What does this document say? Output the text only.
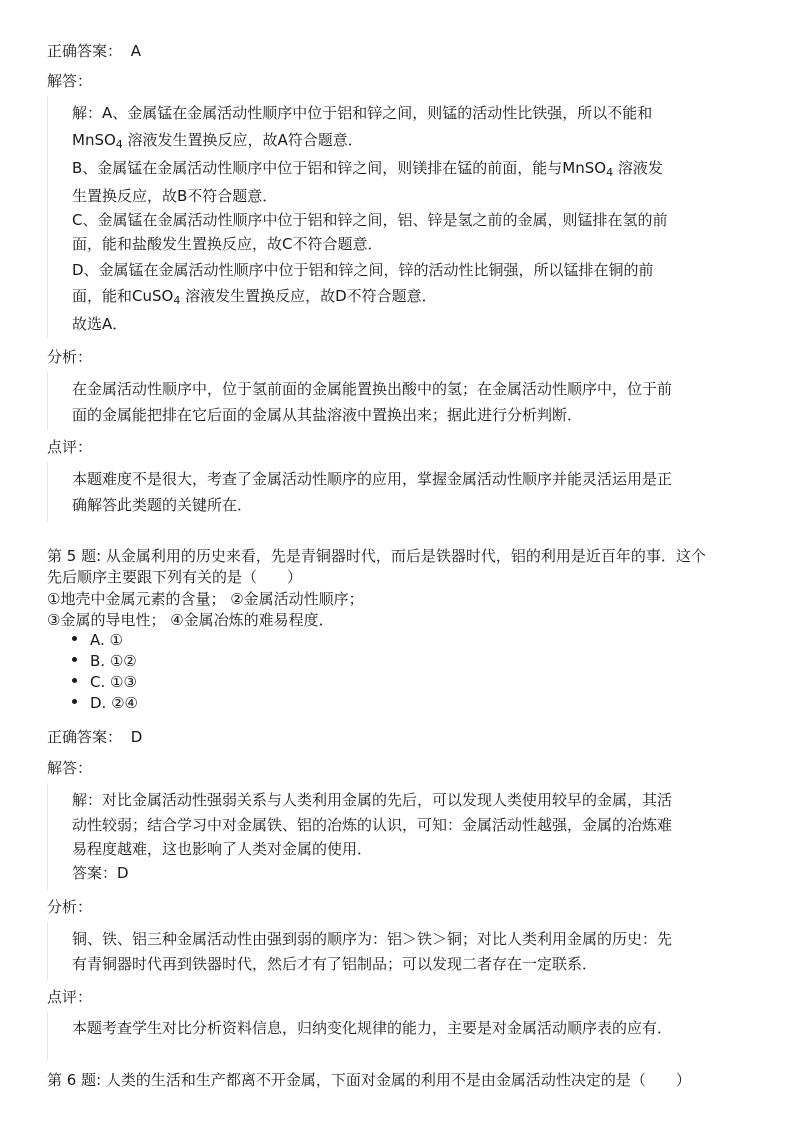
正确答案： A
解答：
解：A、金属锰在金属活动性顺序中位于铝和锌之间，则锰的活动性比铁强，所以不能和
MnSO$_4$ 溶液发生置换反应，故A符合题意．
B、金属锰在金属活动性顺序中位于铝和锌之间，则镁排在锰的前面，能与MnSO$_4$ 溶液发
生置换反应，故B不符合题意．
C、金属锰在金属活动性顺序中位于铝和锌之间，铝、锌是氢之前的金属，则锰排在氢的前
面，能和盐酸发生置换反应，故C不符合题意．
D、金属锰在金属活动性顺序中位于铝和锌之间，锌的活动性比铜强，所以锰排在铜的前
面，能和CuSO$_4$ 溶液发生置换反应，故D不符合题意．
故选A．
分析：
在金属活动性顺序中，位于氢前面的金属能置换出酸中的氢；在金属活动性顺序中，位于前
面的金属能把排在它后面的金属从其盐溶液中置换出来；据此进行分析判断．
点评：
本题难度不是很大，考查了金属活动性顺序的应用，掌握金属活动性顺序并能灵活运用是正
确解答此类题的关键所在．
第 5 题: 从金属利用的历史来看，先是青铜器时代，而后是铁器时代，铝的利用是近百年的事．这个
先后顺序主要跟下列有关的是（　　）
①地壳中金属元素的含量； ②金属活动性顺序；
③金属的导电性； ④金属冶炼的难易程度．
A. ①
B. ①②
C. ①③
D. ②④
正确答案： D
解答：
解：对比金属活动性强弱关系与人类利用金属的先后，可以发现人类使用较早的金属，其活
动性较弱；结合学习中对金属铁、铝的冶炼的认识，可知：金属活动性越强，金属的冶炼难
易程度越难，这也影响了人类对金属的使用．
答案：D
分析：
铜、铁、铝三种金属活动性由强到弱的顺序为：铝＞铁＞铜；对比人类利用金属的历史：先
有青铜器时代再到铁器时代，然后才有了铝制品；可以发现二者存在一定联系．
点评：
本题考查学生对比分析资料信息，归纳变化规律的能力，主要是对金属活动顺序表的应有．
第 6 题: 人类的生活和生产都离不开金属，下面对金属的利用不是由金属活动性决定的是（　　）
